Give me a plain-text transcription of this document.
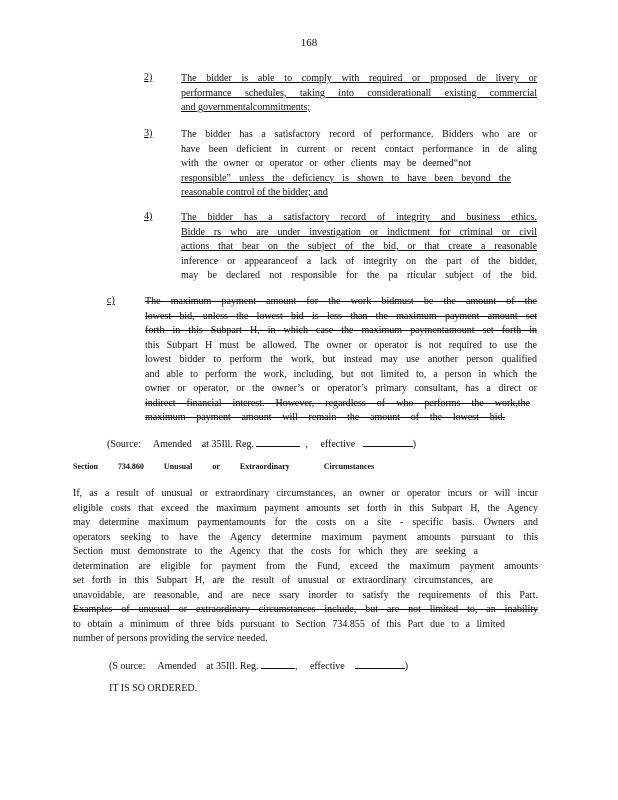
168
2)	The bidder is able to comply with required or proposed de livery or
performance schedules, taking into considerationall existing commercial
and governmentalcommitments;
3)	The bidder has a satisfactory record of performance. Bidders who are or
have been deficient in current or recent contact performance in de aling
with the owner or operator or other clients may be deemed“not
responsible” unless the deficiency is shown to have been beyond the
reasonable control of the bidder; and
4)	The bidder has a satisfactory record of integrity and business ethics.
Bidde rs who are under investigation or indictment for criminal or civil
actions that bear on the subject of the bid, or that create a reasonable
inference or appearanceof a lack of integrity on the part of the bidder,
may be declared not responsible for the pa rticular subject of the bid.
c)	The maximum payment amount for the work bidmust be the amount of the
lowest bid, unless the lowest bid is less than the maximum payment amount set
forth in this Subpart H, in which case the maximum paymentamount set forth in
this Subpart H must be allowed. The owner or operator is not required to use the
lowest bidder to perform the work, but instead may use another person qualified
and able to perform the work, including, but not limited to, a person in which the
owner or operator, or the owner’s or operator’s primary consultant, has a direct or
indirect financial interest. However, regardless of who performs the work,the
maximum payment amount will remain the amount of the lowest bid.
(Source: Amended at 35Ill. Reg.	, effective	)
Section	734.860	Unusual	or	Extraordinary	Circumstances
If, as a result of unusual or extraordinary circumstances, an owner or operator incurs or will incur
eligible costs that exceed the maximum payment amounts set forth in this Subpart H, the Agency
may determine maximum paymentamounts for the costs on a site - specific basis. Owners and
operators seeking to have the Agency determine maximum payment amounts pursuant to this
Section must demonstrate to the Agency that the costs for which they are seeking a
determination are eligible for payment from the Fund, exceed the maximum payment amounts
set forth in this Subpart H, are the result of unusual or extraordinary circumstances, are
unavoidable, are reasonable, and are nece ssary inorder to satisfy the requirements of this Part.
Examples of unusual or extraordinary circumstances include, but are not limited to, an inability
to obtain a minimum of three bids pursuant to Section 734.855 of this Part due to a limited
number of persons providing the service needed.
(S ource: Amended at 35Ill. Reg.	, effective	)
IT IS SO ORDERED.
